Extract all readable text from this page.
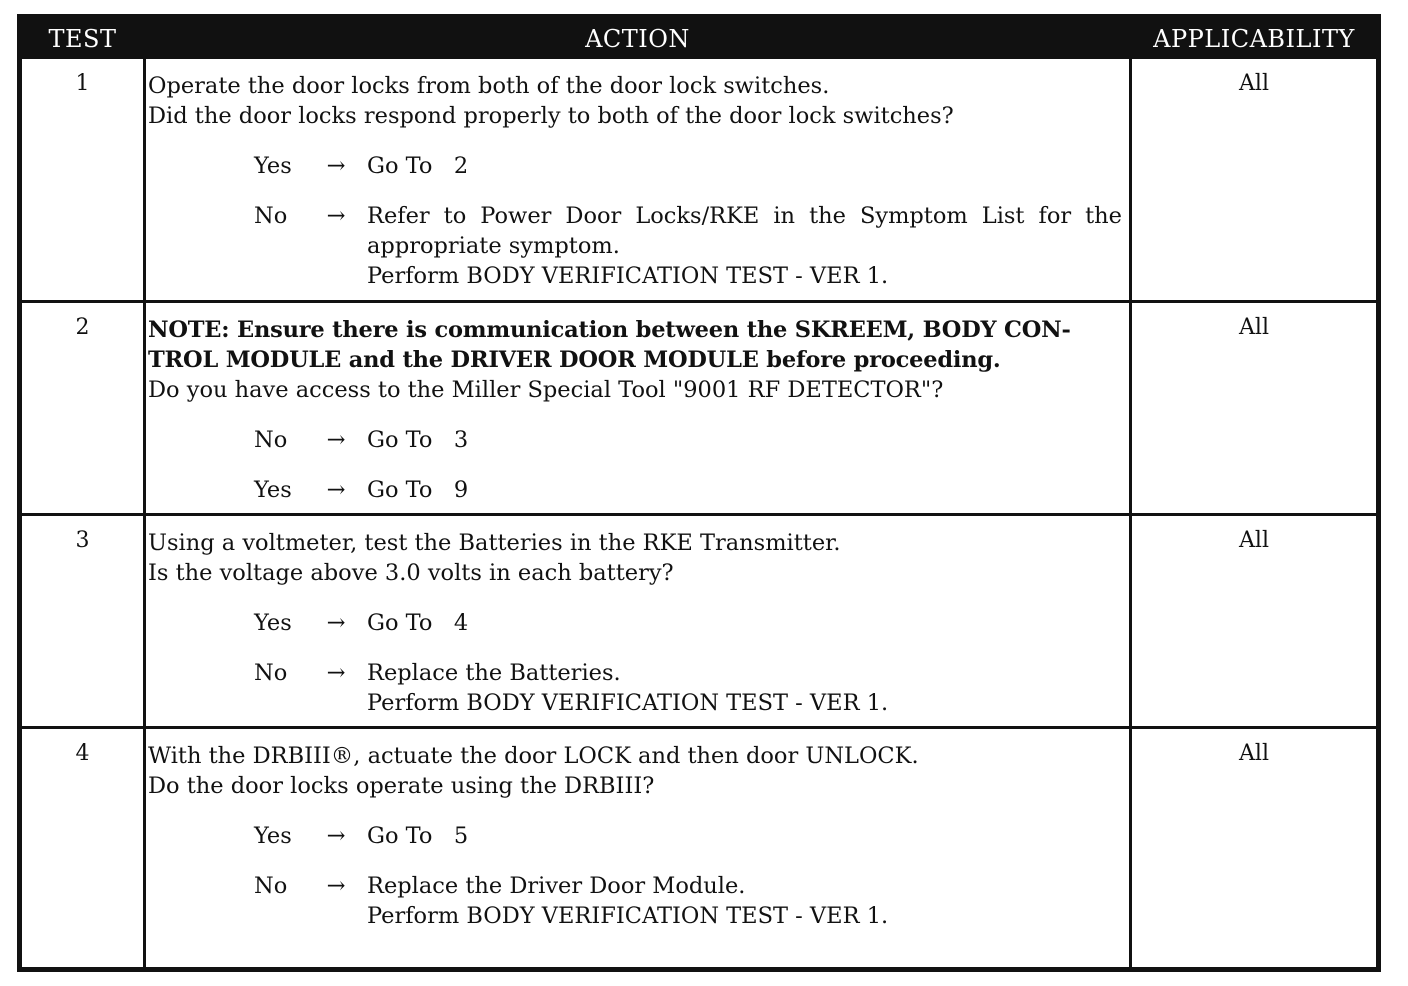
TEST	ACTION	APPLICABILITY
1	Operate the door locks from both of the door lock switches.
Did the door locks respond properly to both of the door lock switches?
Yes	→ Go To   2
No	→ Refer to Power Door Locks/RKE in the Symptom List for the
appropriate symptom.
Perform BODY VERIFICATION TEST - VER 1.
All
2	NOTE: Ensure there is communication between the SKREEM, BODY CON-
TROL MODULE and the DRIVER DOOR MODULE before proceeding.
Do you have access to the Miller Special Tool "9001 RF DETECTOR"?
No	→ Go To   3
Yes	→ Go To   9
All
3	Using a voltmeter, test the Batteries in the RKE Transmitter.
Is the voltage above 3.0 volts in each battery?
Yes	→ Go To   4
No	→ Replace the Batteries.
Perform BODY VERIFICATION TEST - VER 1.
All
4	With the DRBIII®, actuate the door LOCK and then door UNLOCK.
Do the door locks operate using the DRBIII?
Yes	→ Go To   5
No	→ Replace the Driver Door Module.
Perform BODY VERIFICATION TEST - VER 1.
All
